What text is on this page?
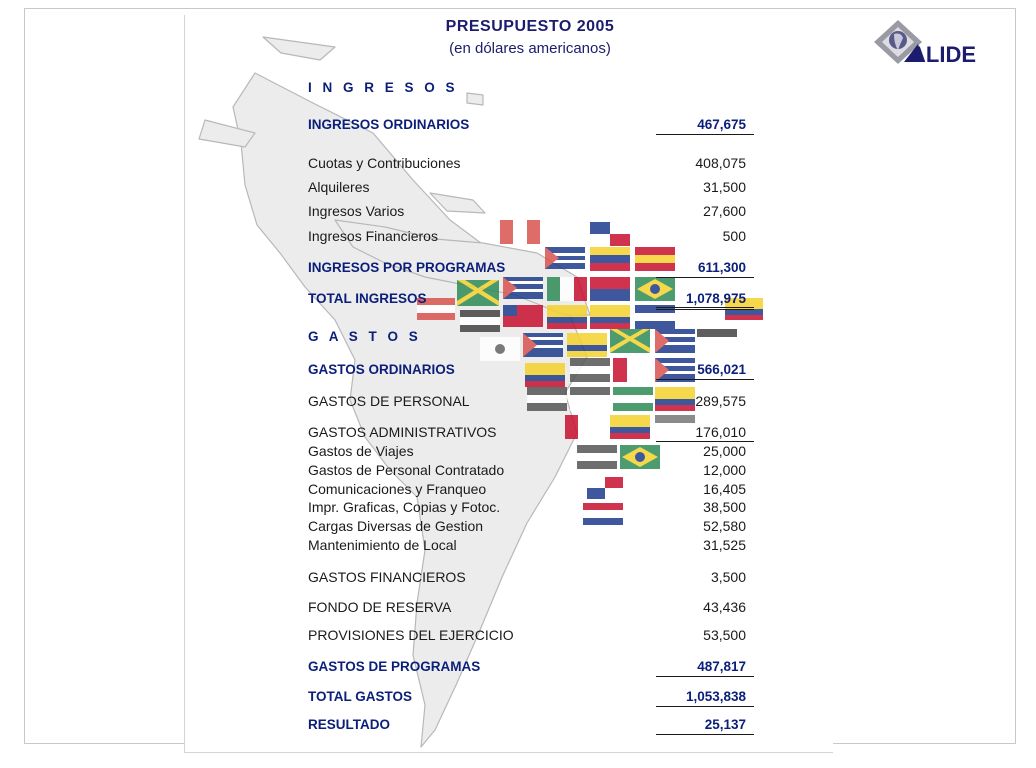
PRESUPUESTO 2005
(en dólares americanos)
I N G R E S O S
INGRESOS ORDINARIOS	467,675
Cuotas y Contribuciones	408,075
Alquileres	31,500
Ingresos Varios	27,600
Ingresos Financieros	500
INGRESOS POR PROGRAMAS	611,300
TOTAL INGRESOS	1,078,975
G A S T O S
GASTOS ORDINARIOS	566,021
GASTOS DE PERSONAL	289,575
GASTOS ADMINISTRATIVOS	176,010
Gastos de Viajes	25,000
Gastos de Personal Contratado	12,000
Comunicaciones y Franqueo	16,405
Impr. Graficas, Copias y Fotoc.	38,500
Cargas Diversas de Gestion	52,580
Mantenimiento de Local	31,525
GASTOS FINANCIEROS	3,500
FONDO DE RESERVA	43,436
PROVISIONES DEL EJERCICIO	53,500
GASTOS DE PROGRAMAS	487,817
TOTAL GASTOS	1,053,838
RESULTADO	25,137
ALIDE
